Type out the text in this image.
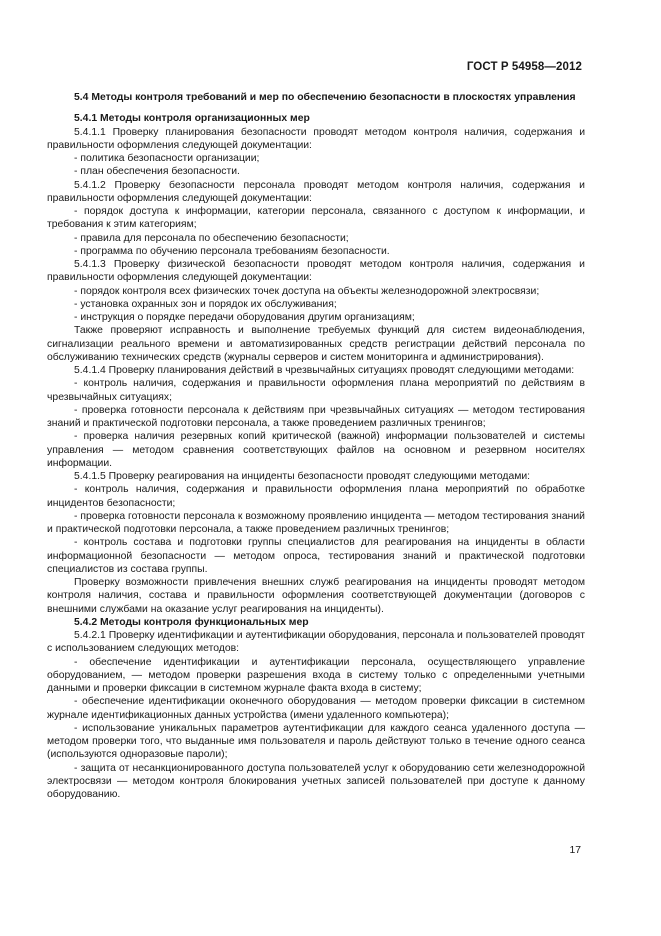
ГОСТ Р 54958—2012

5.4 Методы контроля требований и мер по обеспечению безопасности в плоскостях управления

5.4.1 Методы контроля организационных мер

5.4.1.1 Проверку планирования безопасности проводят методом контроля наличия, содержания и правильности оформления следующей документации:

- политика безопасности организации;

- план обеспечения безопасности.

5.4.1.2 Проверку безопасности персонала проводят методом контроля наличия, содержания и правильности оформления следующей документации:

- порядок доступа к информации, категории персонала, связанного с доступом к информации, и требования к этим категориям;

- правила для персонала по обеспечению безопасности;

- программа по обучению персонала требованиям безопасности.

5.4.1.3 Проверку физической безопасности проводят методом контроля наличия, содержания и правильности оформления следующей документации:

- порядок контроля всех физических точек доступа на объекты железнодорожной электросвязи;

- установка охранных зон и порядок их обслуживания;

- инструкция о порядке передачи оборудования другим организациям;

Также проверяют исправность и выполнение требуемых функций для систем видеонаблюдения, сигнализации реального времени и автоматизированных средств регистрации действий персонала по обслуживанию технических средств (журналы серверов и систем мониторинга и администрирования).

5.4.1.4 Проверку планирования действий в чрезвычайных ситуациях проводят следующими методами:

- контроль наличия, содержания и правильности оформления плана мероприятий по действиям в чрезвычайных ситуациях;

- проверка готовности персонала к действиям при чрезвычайных ситуациях — методом тестирования знаний и практической подготовки персонала, а также проведением различных тренингов;

- проверка наличия резервных копий критической (важной) информации пользователей и системы управления — методом сравнения соответствующих файлов на основном и резервном носителях информации.

5.4.1.5 Проверку реагирования на инциденты безопасности проводят следующими методами:

- контроль наличия, содержания и правильности оформления плана мероприятий по обработке инцидентов безопасности;

- проверка готовности персонала к возможному проявлению инцидента — методом тестирования знаний и практической подготовки персонала, а также проведением различных тренингов;

- контроль состава и подготовки группы специалистов для реагирования на инциденты в области информационной безопасности — методом опроса, тестирования знаний и практической подготовки специалистов из состава группы.

Проверку возможности привлечения внешних служб реагирования на инциденты проводят методом контроля наличия, состава и правильности оформления соответствующей документации (договоров с внешними службами на оказание услуг реагирования на инциденты).

5.4.2 Методы контроля функциональных мер

5.4.2.1 Проверку идентификации и аутентификации оборудования, персонала и пользователей проводят с использованием следующих методов:

- обеспечение идентификации и аутентификации персонала, осуществляющего управление оборудованием, — методом проверки разрешения входа в систему только с определенными учетными данными и проверки фиксации в системном журнале факта входа в систему;

- обеспечение идентификации оконечного оборудования — методом проверки фиксации в системном журнале идентификационных данных устройства (имени удаленного компьютера);

- использование уникальных параметров аутентификации для каждого сеанса удаленного доступа — методом проверки того, что выданные имя пользователя и пароль действуют только в течение одного сеанса (используются одноразовые пароли);

- защита от несанкционированного доступа пользователей услуг к оборудованию сети железнодорожной электросвязи — методом контроля блокирования учетных записей пользователей при доступе к данному оборудованию.

17
